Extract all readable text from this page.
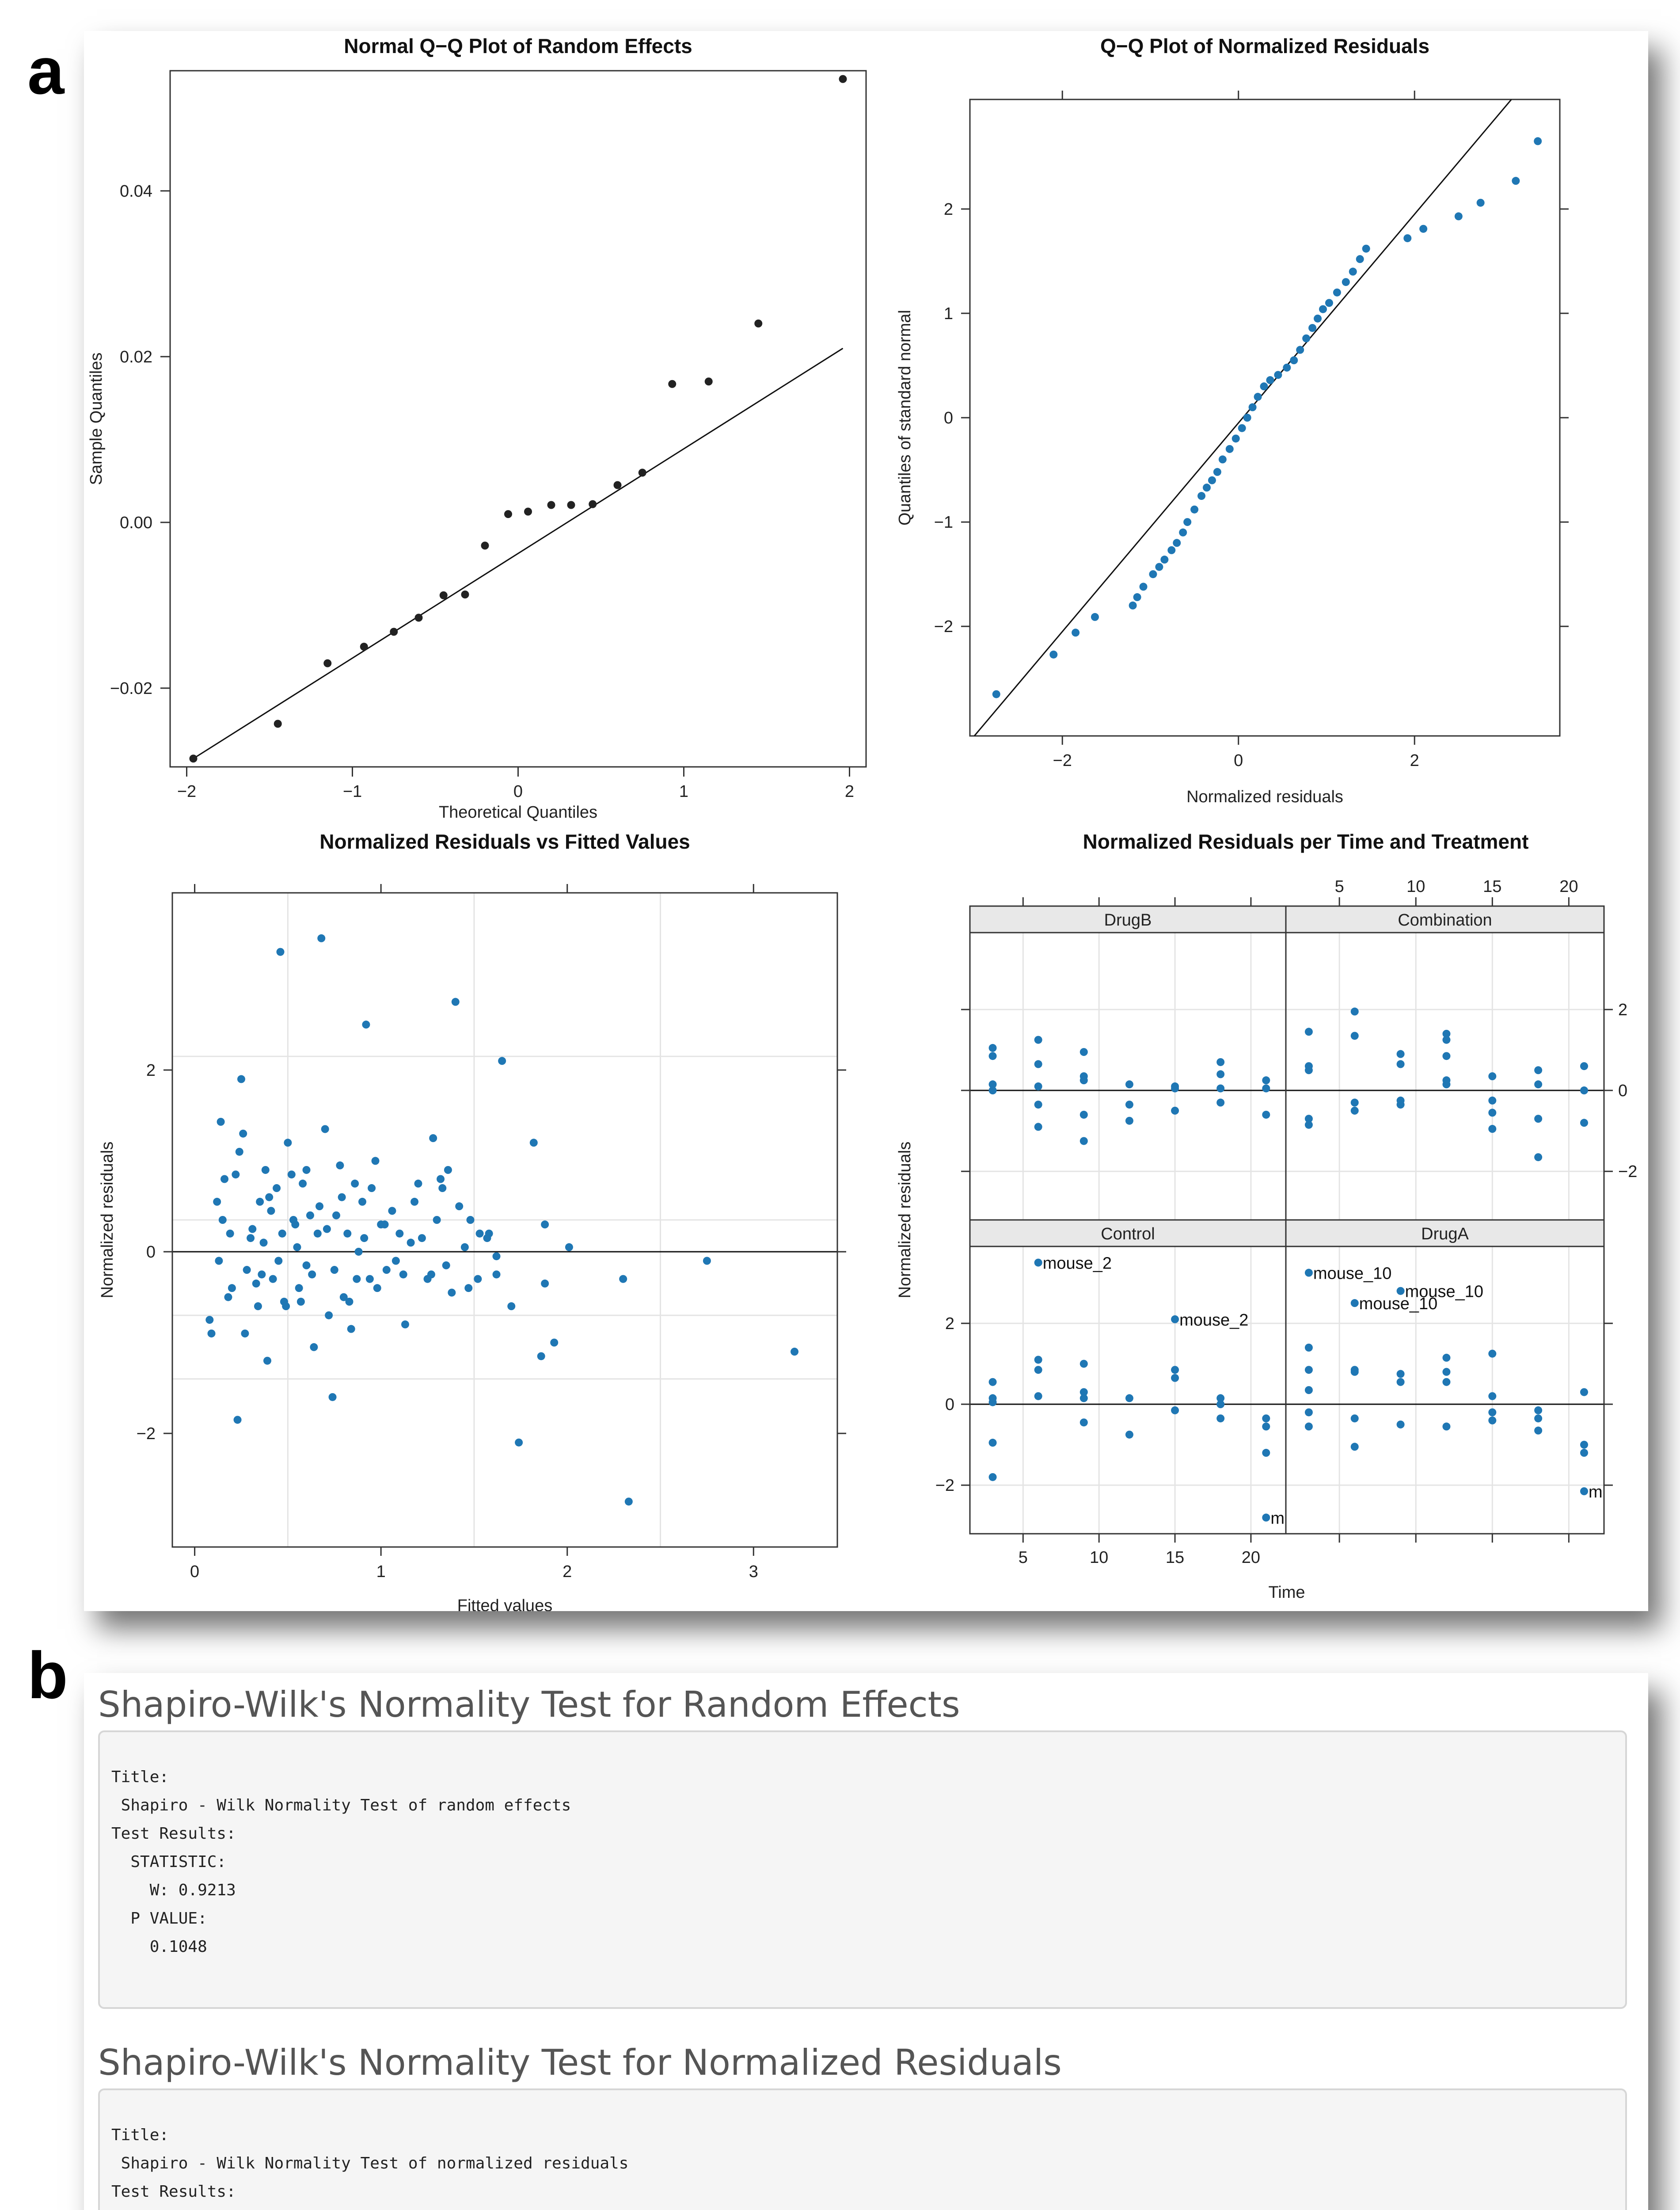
a	Normal Q−Q Plot of Random Effects
−2	−1	0	1	2
−0.02
0.00
0.02
0.04
Theoretical Quantiles
Sample Quantiles
Q−Q Plot of Normalized Residuals
−2	0	2
−2
−1
0
1
2
Normalized residuals
Quantiles of standard normal
Normalized Residuals vs Fitted Values
0	1	2	3
−2
0
2
Fitted values
Normalized residuals
Normalized Residuals per Time and Treatment
DrugB	Combination
5	10	15	20
−2
0
2
Control
mouse_2
mouse_2
m
5	10	15	20
−2
0
2
DrugA
mouse_10
mouse_10
mouse_10
m
Time
Normalized residuals
b Shapiro-Wilk's Normality Test for Random Effects
Title:
Shapiro - Wilk Normality Test of random effects
Test Results:
STATISTIC:
W: 0.9213
P VALUE:
0.1048
Shapiro-Wilk's Normality Test for Normalized Residuals
Title:
Shapiro - Wilk Normality Test of normalized residuals
Test Results:
